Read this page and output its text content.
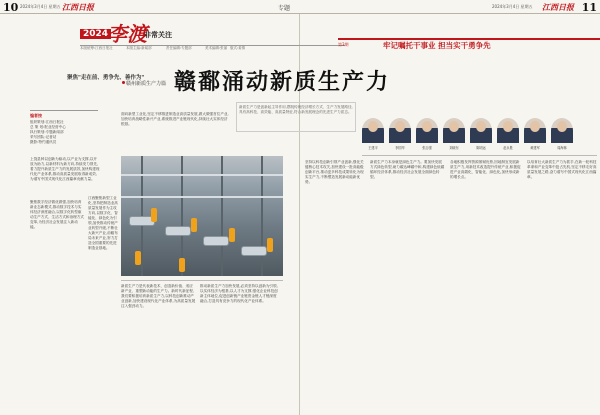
10 2024年3月4日 星期五 江西日报	专题	2024年3月4日 星期五 江西日报 11
2024
李渡
非常关注
本版统筹:江西日报社	本版主编:新闻部	责任编辑:专题部	美术编辑:张丽 版式:姜倩
第3期	牢记嘱托干事业 担当实干勇争先
聚焦"走在前、勇争先、善作为"
赣州新质生产力篇 赣鄱涌动新质生产力
编者按
组织策划:江西日报社
总 策 划:报业经营中心
执行策划:专题新闻部
采写团队:记者站
摄影:特约通讯员
新质生产力是创新起主导作用,摆脱传统经济增长方式、生产力发展路径,具有高科技、高效能、高质量特征,符合新发展理念的先进生产力质态。
王建平	李国华	张志强	刘晓东	陈明远	赵永胜	黄建军	周海林
上饶县种以创新为驱动,以产业为支撑,以开放为助力,以新材料为新方向,持续发力领先,着力提升新质生产力的发展质效,加快构建现代化产业体系,推动高质量发展取得新成效,为谱写中国式现代化江西篇章贡献力量。
面向新型工业化,坚定不移推进制造业高质量发展,做大做强首位产业,加快培育战略性新兴产业,系统推进产业链现代化,持续壮大实体经济根基。
江西聚焦新型工业化,坚持把制造业高质量发展作为主攻方向,以数字化、智能化、绿色化为引领,加快推动传统产业转型升级,不断壮大新兴产业,前瞻布局未来产业,努力打造全国重要的先进制造业基地。
新质生产力是代表新技术、创造新价值、适应新产业、重塑新动能的生产力。新时代新征程,我们要积极培育新质生产力,以科技创新推动产业创新,加快建设现代化产业体系,为高质量发展注入强劲动力。
推动新质生产力加快发展,必须坚持以创新为引领,以实体经济为根基,以人才为支撑,强化企业科技创新主体地位,促进创新链产业链资金链人才链深度融合,打造具有竞争力的现代化产业体系。
聚焦数字经济做优做强,加快培育新业态新模式,推动数字技术与实体经济深度融合,以数字化转型驱动生产方式、生活方式和治理方式变革,为经济社会发展注入新动能。
坚持以科技创新引领产业创新,强化关键核心技术攻关,加快建设一批高能级创新平台,推动更多科技成果转化为现实生产力,不断塑造发展新动能新优势。
新质生产力本身就是绿色生产力。要加快发展方式绿色转型,助力碳达峰碳中和,构建绿色低碳循环经济体系,推动经济社会发展全面绿色转型。
各地积极发挥资源禀赋优势,因地制宜发展新质生产力,用新技术改造提升传统产业,积极促进产业高端化、智能化、绿色化,加快形成新的增长点。
以培育壮大新质生产力为抓手,在新一轮科技革命和产业变革中抢占先机,坚定不移走好高质量发展之路,奋力谱写中国式现代化江西篇章。
